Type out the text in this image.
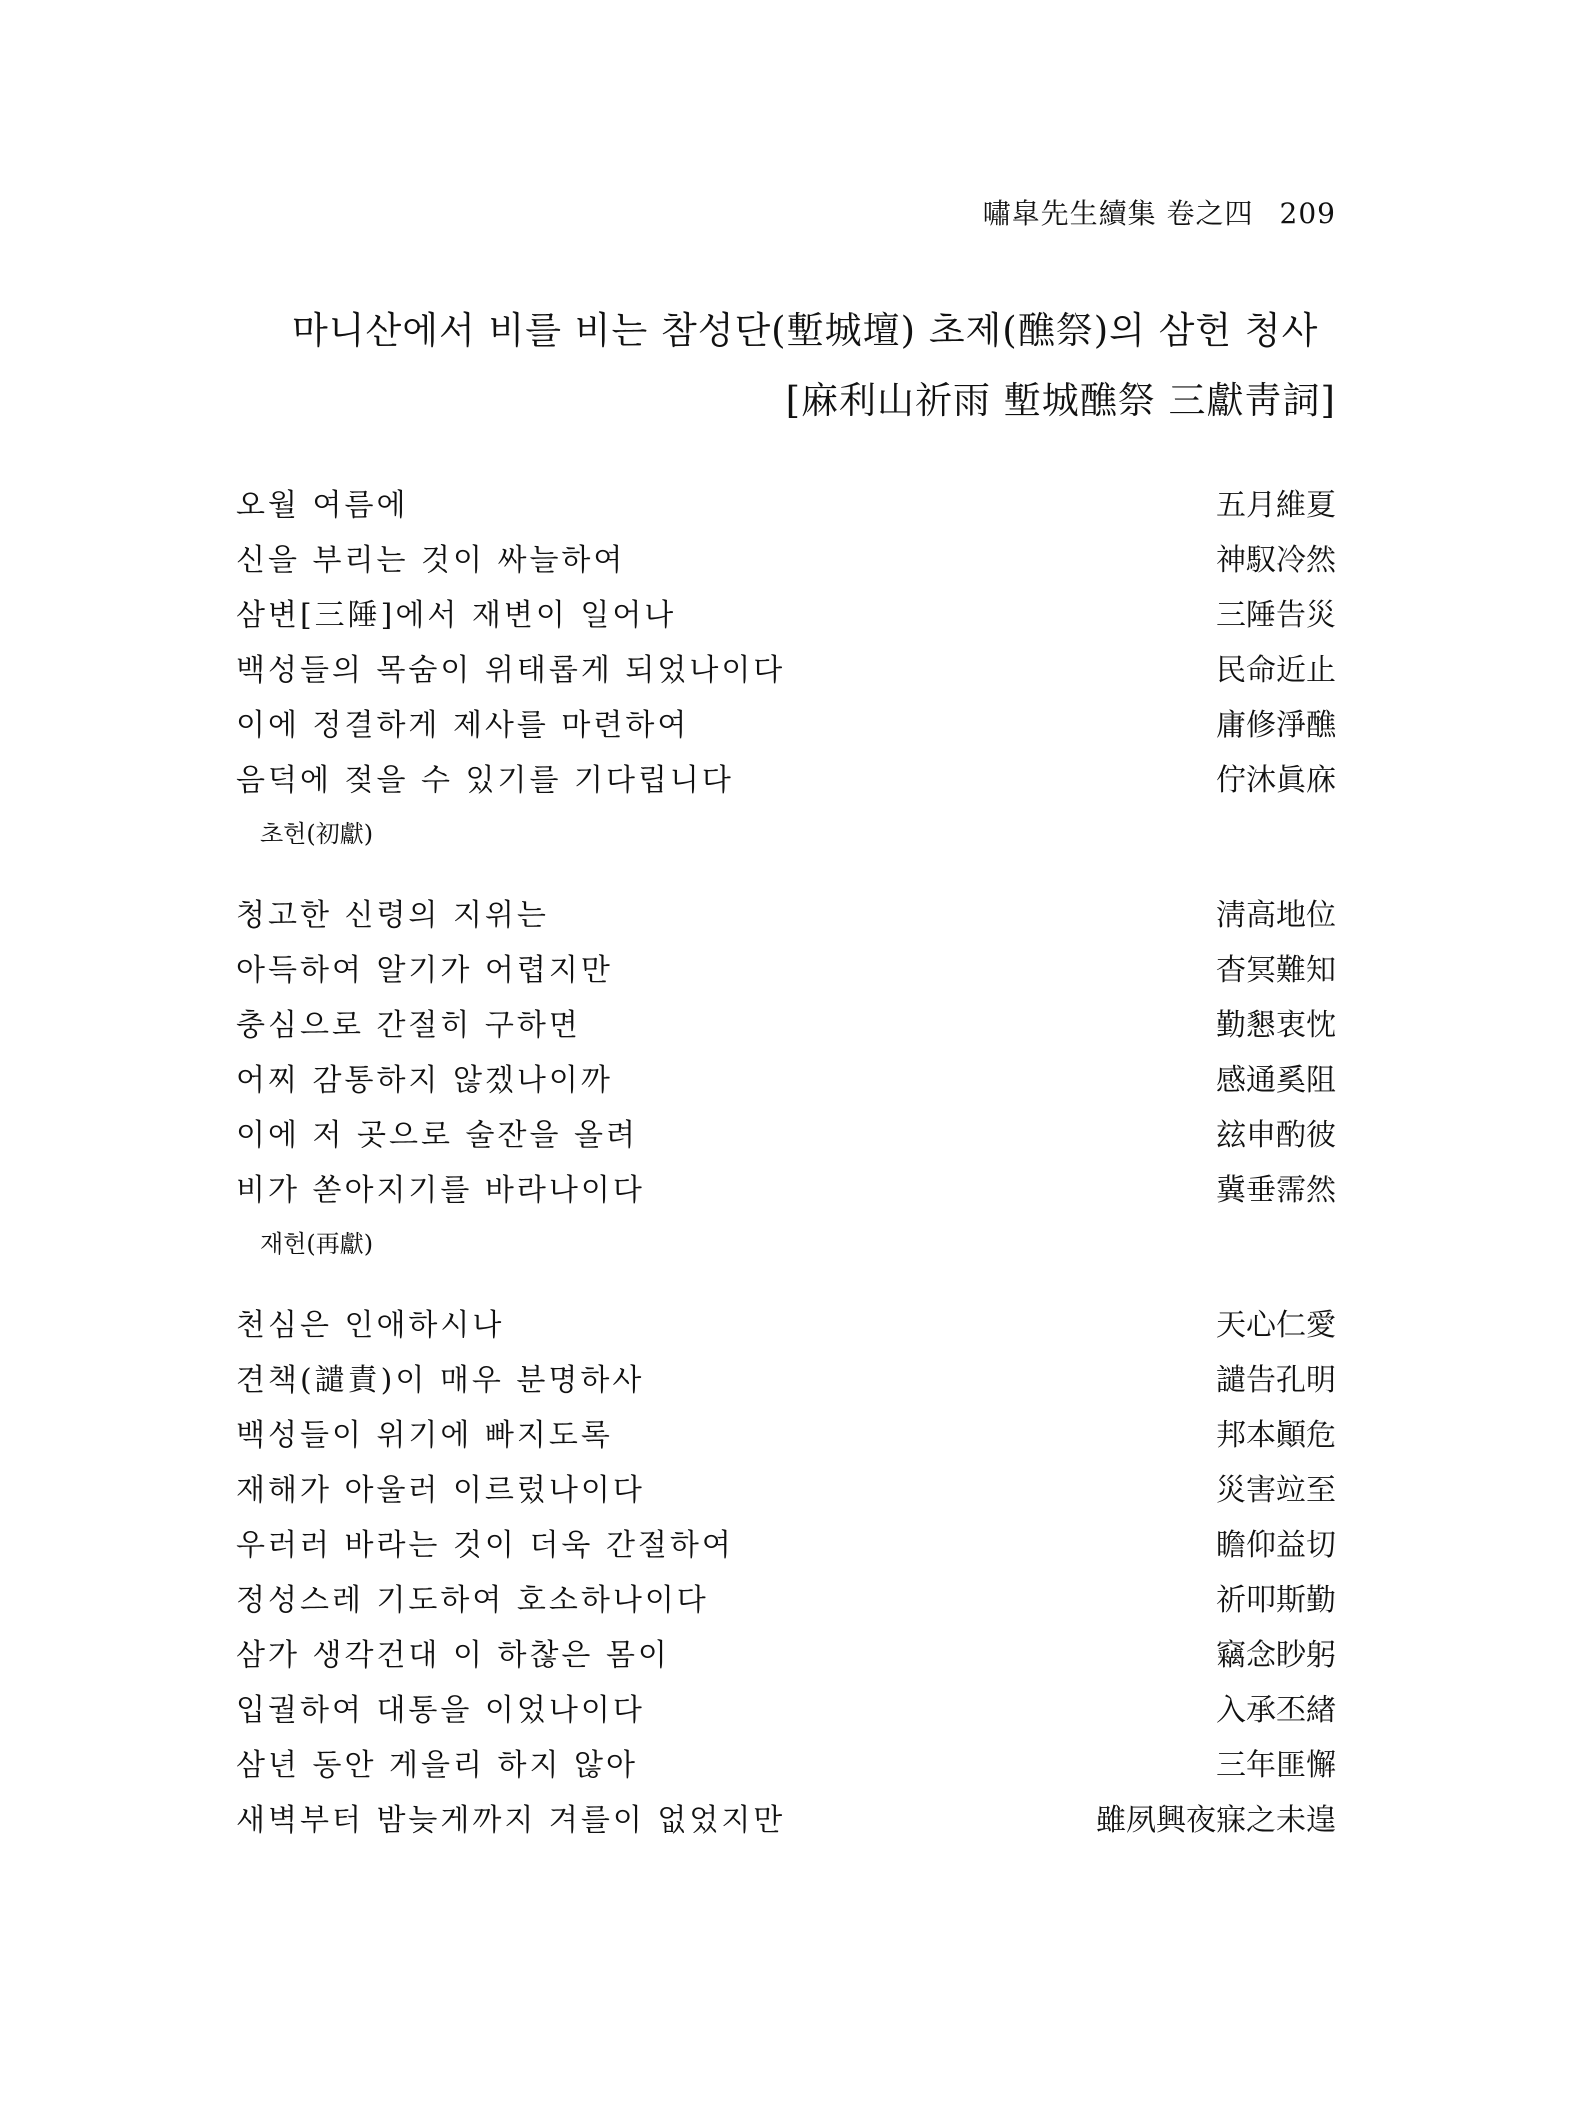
嘯皐先生續集 卷之四 209
마니산에서 비를 비는 참성단(塹城壇) 초제(醮祭)의 삼헌 청사
[麻利山祈雨 塹城醮祭 三獻靑詞]
오월 여름에	五月維夏
신을 부리는 것이 싸늘하여	神馭冷然
삼변[三陲]에서 재변이 일어나	三陲告災
백성들의 목숨이 위태롭게 되었나이다	民命近止
이에 정결하게 제사를 마련하여	庸修淨醮
음덕에 젖을 수 있기를 기다립니다	佇沐眞庥
초헌(初獻)
청고한 신령의 지위는	淸高地位
아득하여 알기가 어렵지만	杳冥難知
충심으로 간절히 구하면	勤懇衷忱
어찌 감통하지 않겠나이까	感通奚阻
이에 저 곳으로 술잔을 올려	玆申酌彼
비가 쏟아지기를 바라나이다	冀垂霈然
재헌(再獻)
천심은 인애하시나	天心仁愛
견책(譴責)이 매우 분명하사	譴告孔明
백성들이 위기에 빠지도록	邦本顚危
재해가 아울러 이르렀나이다	災害竝至
우러러 바라는 것이 더욱 간절하여	瞻仰益切
정성스레 기도하여 호소하나이다	祈叩斯勤
삼가 생각건대 이 하찮은 몸이	竊念眇躬
입궐하여 대통을 이었나이다	入承丕緖
삼년 동안 게을리 하지 않아	三年匪懈
새벽부터 밤늦게까지 겨를이 없었지만	雖夙興夜寐之未遑
